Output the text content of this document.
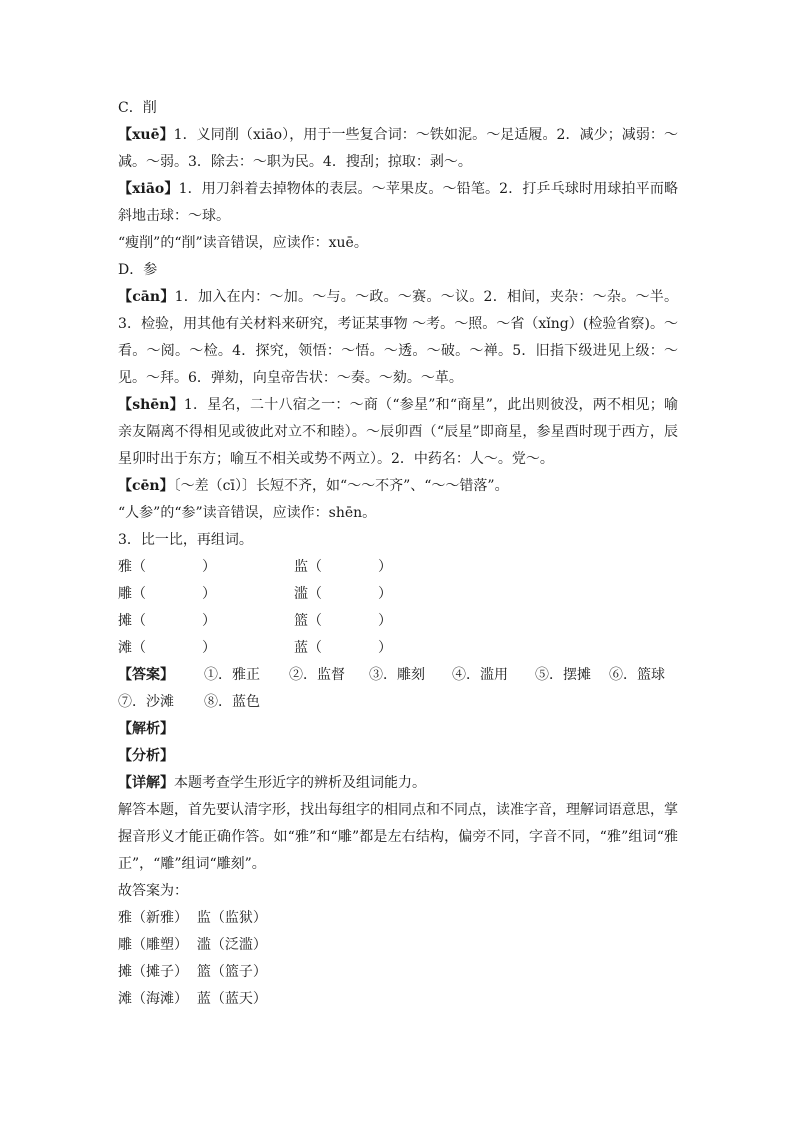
C．削
【xuē】1．义同削（xiāo），用于一些复合词：～铁如泥。～足适履。2．减少；减弱：～减。～弱。3．除去：～职为民。4．搜刮；掠取：剥～。
【xiāo】1．用刀斜着去掉物体的表层。～苹果皮。～铅笔。2．打乒乓球时用球拍平而略斜地击球：～球。
“瘦削”的“削”读音错误，应读作：xuē。
D．参
【cān】1．加入在内：～加。～与。～政。～赛。～议。2．相间，夹杂：～杂。～半。3．检验，用其他有关材料来研究，考证某事物 ～考。～照。～省（xǐng）(检验省察)。～看。～阅。～检。4．探究，领悟：～悟。～透。～破。～禅。5．旧指下级进见上级：～见。～拜。6．弹劾，向皇帝告状：～奏。～劾。～革。
【shēn】1．星名，二十八宿之一：～商（“参星”和“商星”，此出则彼没，两不相见；喻亲友隔离不得相见或彼此对立不和睦）。～辰卯酉（“辰星”即商星，参星酉时现于西方，辰星卯时出于东方；喻互不相关或势不两立）。2．中药名：人～。党～。
【cēn】〔～差（cī）〕长短不齐，如“～～不齐”、“～～错落”。
“人参”的“参”读音错误，应读作：shēn。
3．比一比，再组词。
雅（　　　　）	监（　　　　）
雕（　　　　）	滥（　　　　）
摊（　　　　）	篮（　　　　）
滩（　　　　）	蓝（　　　　）
【答案】 ①．雅正 ②．监督 ③．雕刻 ④．滥用 ⑤．摆摊 ⑥．篮球
⑦．沙滩 ⑧．蓝色
【解析】
【分析】
【详解】本题考查学生形近字的辨析及组词能力。
解答本题，首先要认清字形，找出每组字的相同点和不同点，读准字音，理解词语意思，掌握音形义才能正确作答。如“雅”和“雕”都是左右结构，偏旁不同，字音不同，“雅”组词“雅正”，“雕”组词“雕刻”。
故答案为：
雅（新雅）  监（监狱）
雕（雕塑）  滥（泛滥）
摊（摊子）  篮（篮子）
滩（海滩）  蓝（蓝天）
